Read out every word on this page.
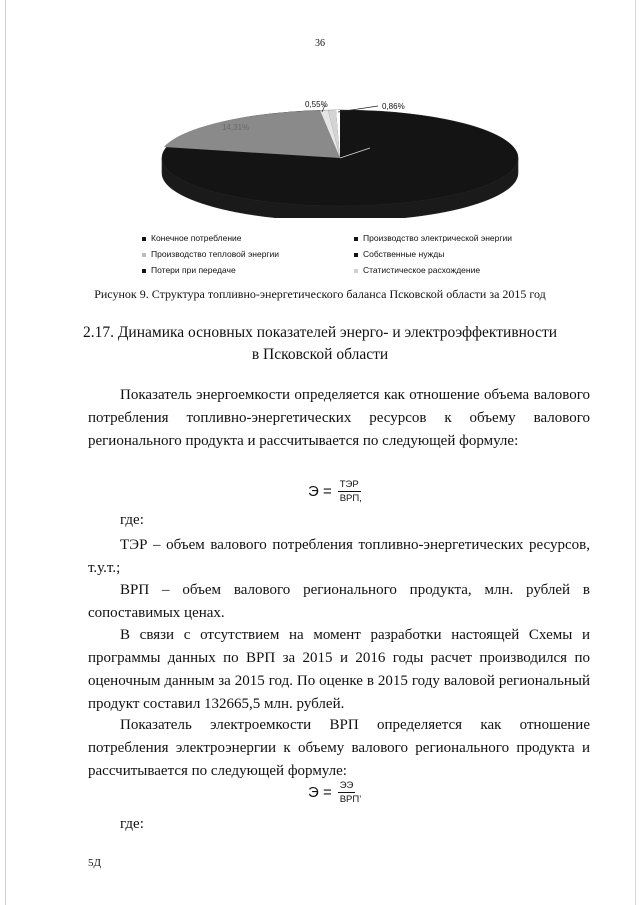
36
0,55%	0,86%
14,31%
Конечное потребление	Производство электрической энергии
Производство тепловой энергии	Собственные нужды
Потери при передаче	Статистическое расхождение
Рисунок 9. Структура топливно-энергетического баланса Псковской области за 2015 год
2.17. Динамика основных показателей энерго- и электроэффективности
в Псковской области
Показатель энергоемкости определяется как отношение объема валового потребления топливно-энергетических ресурсов к объему валового регионального продукта и рассчитывается по следующей формуле:
$Э = \frac{\text{ТЭР}}{\text{ВРП,}}$
где:
ТЭР – объем валового потребления топливно-энергетических ресурсов, т.у.т.;
ВРП – объем валового регионального продукта, млн. рублей в сопоставимых ценах.
В связи с отсутствием на момент разработки настоящей Схемы и программы данных по ВРП за 2015 и 2016 годы расчет производился по оценочным данным за 2015 год. По оценке в 2015 году валовой региональный продукт составил 132665,5 млн. рублей.
Показатель электроемкости ВРП определяется как отношение потребления электроэнергии к объему валового регионального продукта и рассчитывается по следующей формуле:
$Э = \frac{ЭЭ}{\text{ВРП’}}$
где:
5Д
